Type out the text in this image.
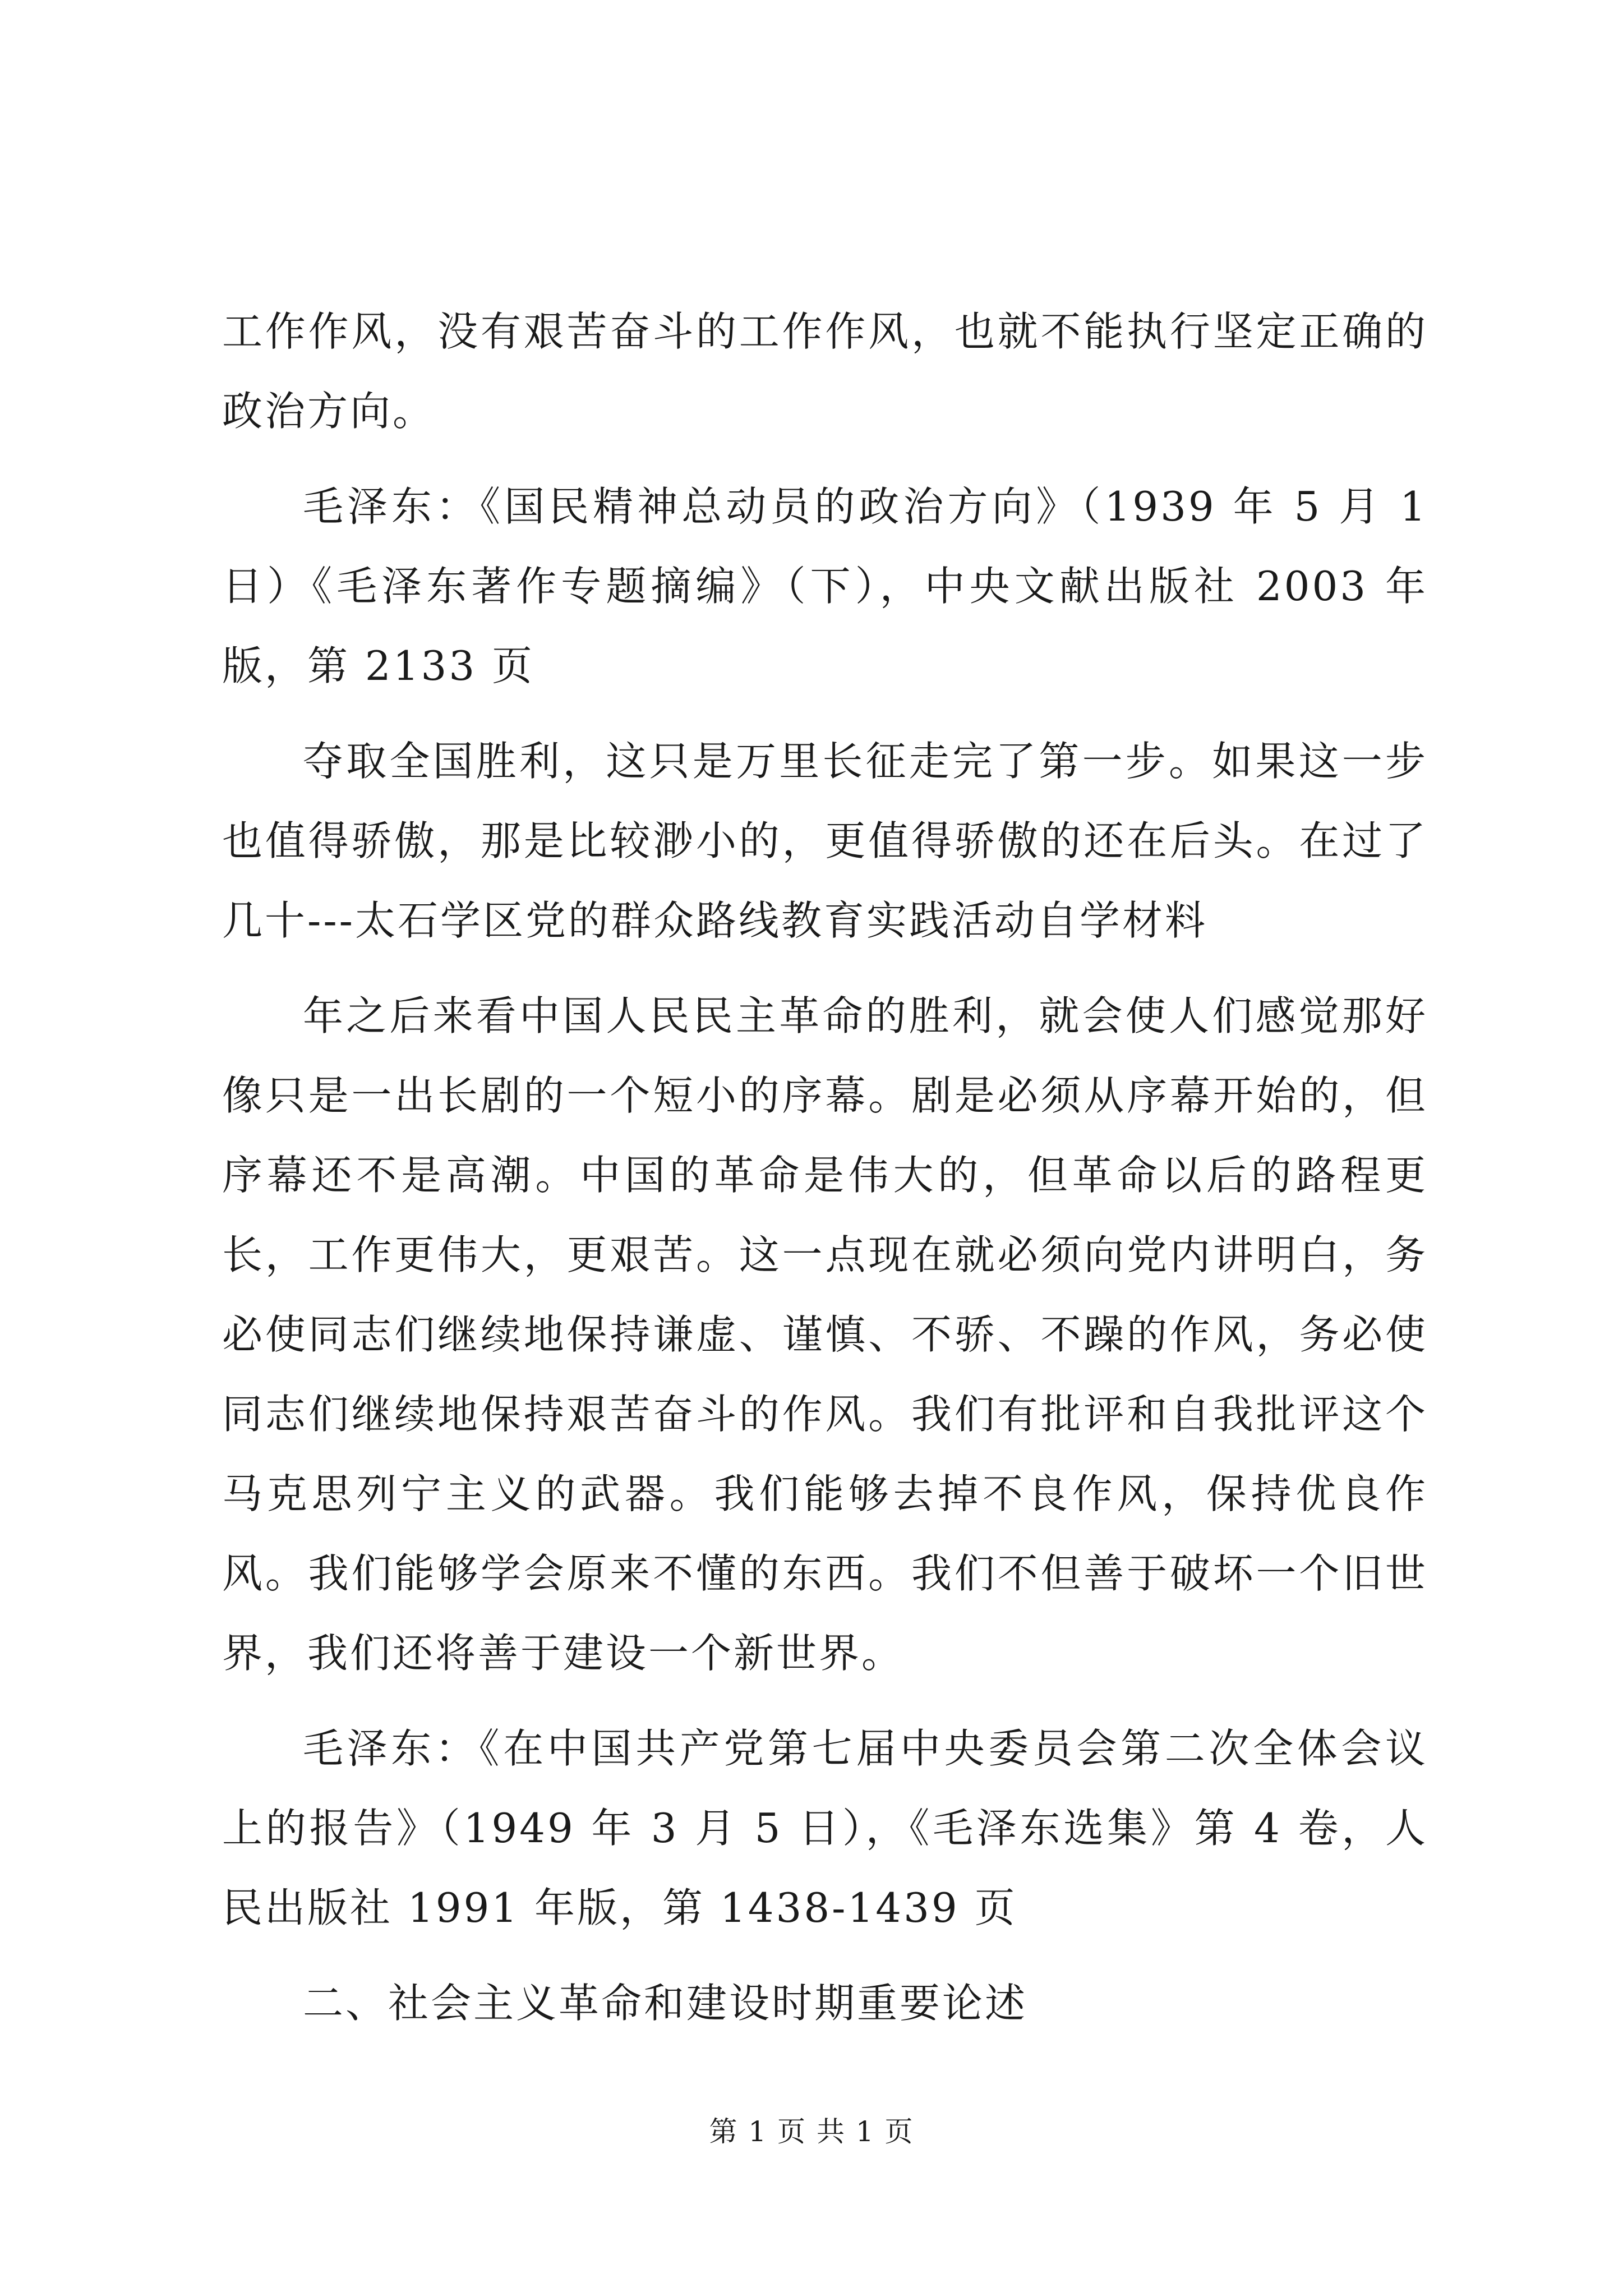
工作作风，没有艰苦奋斗的工作作风，也就不能执行坚定正确的政治方向。

毛泽东：《国民精神总动员的政治方向》（1939 年 5 月 1 日）《毛泽东著作专题摘编》（下），中央文献出版社 2003 年版，第 2133 页

夺取全国胜利，这只是万里长征走完了第一步。如果这一步也值得骄傲，那是比较渺小的，更值得骄傲的还在后头。在过了几十---太石学区党的群众路线教育实践活动自学材料

年之后来看中国人民民主革命的胜利，就会使人们感觉那好像只是一出长剧的一个短小的序幕。剧是必须从序幕开始的，但序幕还不是高潮。中国的革命是伟大的，但革命以后的路程更长，工作更伟大，更艰苦。这一点现在就必须向党内讲明白，务必使同志们继续地保持谦虚、谨慎、不骄、不躁的作风，务必使同志们继续地保持艰苦奋斗的作风。我们有批评和自我批评这个马克思列宁主义的武器。我们能够去掉不良作风，保持优良作风。我们能够学会原来不懂的东西。我们不但善于破坏一个旧世界，我们还将善于建设一个新世界。

毛泽东：《在中国共产党第七届中央委员会第二次全体会议上的报告》（1949 年 3 月 5 日），《毛泽东选集》第 4 卷，人民出版社 1991 年版，第 1438-1439 页

二、社会主义革命和建设时期重要论述

第 1 页 共 1 页
